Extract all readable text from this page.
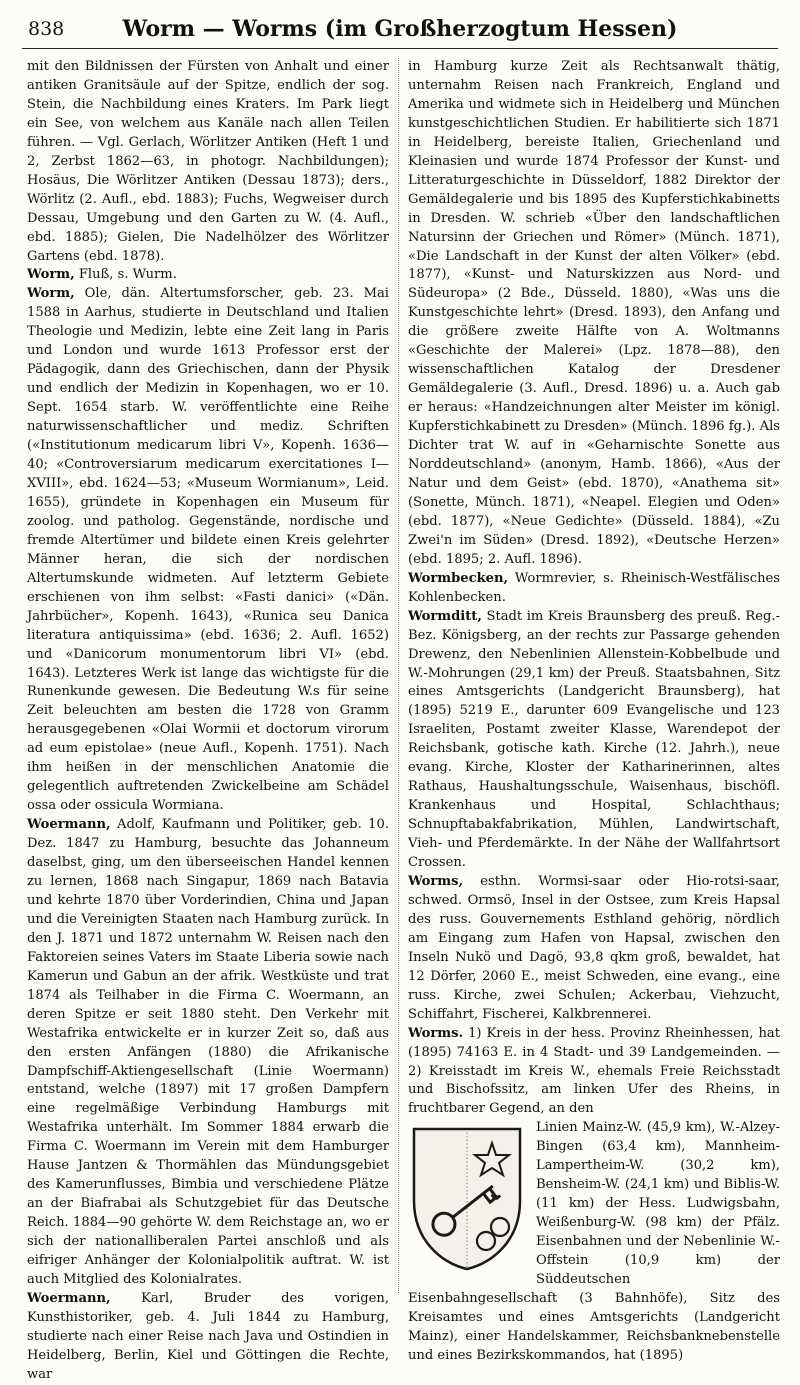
838	Worm — Worms (im Großherzogtum Hessen)

mit den Bildnissen der Fürsten von Anhalt und einer antiken Granitsäule auf der Spitze, endlich der sog. Stein, die Nachbildung eines Kraters. Im Park liegt ein See, von welchem aus Kanäle nach allen Teilen führen. — Vgl. Gerlach, Wörlitzer Antiken (Heft 1 und 2, Zerbst 1862—63, in photogr. Nachbildungen); Hosäus, Die Wörlitzer Antiken (Dessau 1873); ders., Wörlitz (2. Aufl., ebd. 1883); Fuchs, Wegweiser durch Dessau, Umgebung und den Garten zu W. (4. Aufl., ebd. 1885); Gielen, Die Nadelhölzer des Wörlitzer Gartens (ebd. 1878).

Worm, Fluß, s. Wurm.

Worm, Ole, dän. Altertumsforscher, geb. 23. Mai 1588 in Aarhus, studierte in Deutschland und Italien Theologie und Medizin, lebte eine Zeit lang in Paris und London und wurde 1613 Professor erst der Pädagogik, dann des Griechischen, dann der Physik und endlich der Medizin in Kopenhagen, wo er 10. Sept. 1654 starb. W. veröffentlichte eine Reihe naturwissenschaftlicher und mediz. Schriften («Institutionum medicarum libri V», Kopenh. 1636—40; «Controversiarum medicarum exercitationes I—XVIII», ebd. 1624—53; «Museum Wormianum», Leid. 1655), gründete in Kopenhagen ein Museum für zoolog. und patholog. Gegenstände, nordische und fremde Altertümer und bildete einen Kreis gelehrter Männer heran, die sich der nordischen Altertumskunde widmeten. Auf letzterm Gebiete erschienen von ihm selbst: «Fasti danici» («Dän. Jahrbücher», Kopenh. 1643), «Runica seu Danica literatura antiquissima» (ebd. 1636; 2. Aufl. 1652) und «Danicorum monumentorum libri VI» (ebd. 1643). Letzteres Werk ist lange das wichtigste für die Runenkunde gewesen. Die Bedeutung W.s für seine Zeit beleuchten am besten die 1728 von Gramm herausgegebenen «Olai Wormii et doctorum virorum ad eum epistolae» (neue Aufl., Kopenh. 1751). Nach ihm heißen in der menschlichen Anatomie die gelegentlich auftretenden Zwickelbeine am Schädel ossa oder ossicula Wormiana.

Woermann, Adolf, Kaufmann und Politiker, geb. 10. Dez. 1847 zu Hamburg, besuchte das Johanneum daselbst, ging, um den überseeischen Handel kennen zu lernen, 1868 nach Singapur, 1869 nach Batavia und kehrte 1870 über Vorderindien, China und Japan und die Vereinigten Staaten nach Hamburg zurück. In den J. 1871 und 1872 unternahm W. Reisen nach den Faktoreien seines Vaters im Staate Liberia sowie nach Kamerun und Gabun an der afrik. Westküste und trat 1874 als Teilhaber in die Firma C. Woermann, an deren Spitze er seit 1880 steht. Den Verkehr mit Westafrika entwickelte er in kurzer Zeit so, daß aus den ersten Anfängen (1880) die Afrikanische Dampfschiff-Aktiengesellschaft (Linie Woermann) entstand, welche (1897) mit 17 großen Dampfern eine regelmäßige Verbindung Hamburgs mit Westafrika unterhält. Im Sommer 1884 erwarb die Firma C. Woermann im Verein mit dem Hamburger Hause Jantzen & Thormählen das Mündungsgebiet des Kamerunflusses, Bimbia und verschiedene Plätze an der Biafrabai als Schutzgebiet für das Deutsche Reich. 1884—90 gehörte W. dem Reichstage an, wo er sich der nationalliberalen Partei anschloß und als eifriger Anhänger der Kolonialpolitik auftrat. W. ist auch Mitglied des Kolonialrates.

Woermann, Karl, Bruder des vorigen, Kunsthistoriker, geb. 4. Juli 1844 zu Hamburg, studierte nach einer Reise nach Java und Ostindien in Heidelberg, Berlin, Kiel und Göttingen die Rechte, war

in Hamburg kurze Zeit als Rechtsanwalt thätig, unternahm Reisen nach Frankreich, England und Amerika und widmete sich in Heidelberg und München kunstgeschichtlichen Studien. Er habilitierte sich 1871 in Heidelberg, bereiste Italien, Griechenland und Kleinasien und wurde 1874 Professor der Kunst- und Litteraturgeschichte in Düsseldorf, 1882 Direktor der Gemäldegalerie und bis 1895 des Kupferstichkabinetts in Dresden. W. schrieb «Über den landschaftlichen Natursinn der Griechen und Römer» (Münch. 1871), «Die Landschaft in der Kunst der alten Völker» (ebd. 1877), «Kunst- und Naturskizzen aus Nord- und Südeuropa» (2 Bde., Düsseld. 1880), «Was uns die Kunstgeschichte lehrt» (Dresd. 1893), den Anfang und die größere zweite Hälfte von A. Woltmanns «Geschichte der Malerei» (Lpz. 1878—88), den wissenschaftlichen Katalog der Dresdener Gemäldegalerie (3. Aufl., Dresd. 1896) u. a. Auch gab er heraus: «Handzeichnungen alter Meister im königl. Kupferstichkabinett zu Dresden» (Münch. 1896 fg.). Als Dichter trat W. auf in «Geharnischte Sonette aus Norddeutschland» (anonym, Hamb. 1866), «Aus der Natur und dem Geist» (ebd. 1870), «Anathema sit» (Sonette, Münch. 1871), «Neapel. Elegien und Oden» (ebd. 1877), «Neue Gedichte» (Düsseld. 1884), «Zu Zwei'n im Süden» (Dresd. 1892), «Deutsche Herzen» (ebd. 1895; 2. Aufl. 1896).

Wormbecken, Wormrevier, s. Rheinisch-Westfälisches Kohlenbecken.

Wormditt, Stadt im Kreis Braunsberg des preuß. Reg.-Bez. Königsberg, an der rechts zur Passarge gehenden Drewenz, den Nebenlinien Allenstein-Kobbelbude und W.-Mohrungen (29,1 km) der Preuß. Staatsbahnen, Sitz eines Amtsgerichts (Landgericht Braunsberg), hat (1895) 5219 E., darunter 609 Evangelische und 123 Israeliten, Postamt zweiter Klasse, Warendepot der Reichsbank, gotische kath. Kirche (12. Jahrh.), neue evang. Kirche, Kloster der Katharinerinnen, altes Rathaus, Haushaltungsschule, Waisenhaus, bischöfl. Krankenhaus und Hospital, Schlachthaus; Schnupftabakfabrikation, Mühlen, Landwirtschaft, Vieh- und Pferdemärkte. In der Nähe der Wallfahrtsort Crossen.

Worms, esthn. Wormsi-saar oder Hio-rotsi-saar, schwed. Ormsö, Insel in der Ostsee, zum Kreis Hapsal des russ. Gouvernements Esthland gehörig, nördlich am Eingang zum Hafen von Hapsal, zwischen den Inseln Nukö und Dagö, 93,8 qkm groß, bewaldet, hat 12 Dörfer, 2060 E., meist Schweden, eine evang., eine russ. Kirche, zwei Schulen; Ackerbau, Viehzucht, Schiffahrt, Fischerei, Kalkbrennerei.

Worms. 1) Kreis in der hess. Provinz Rheinhessen, hat (1895) 74163 E. in 4 Stadt- und 39 Landgemeinden. — 2) Kreisstadt im Kreis W., ehemals Freie Reichsstadt und Bischofssitz, am linken Ufer des Rheins, in fruchtbarer Gegend, an den

Linien Mainz-W. (45,9 km), W.-Alzey-Bingen (63,4 km), Mannheim-Lampertheim-W. (30,2 km), Bensheim-W. (24,1 km) und Biblis-W. (11 km) der Hess. Ludwigsbahn, Weißenburg-W. (98 km) der Pfälz. Eisenbahnen und der Nebenlinie W.-Offstein (10,9 km) der Süddeutschen Eisenbahngesellschaft (3 Bahnhöfe), Sitz des Kreisamtes und eines Amtsgerichts (Landgericht Mainz), einer Handelskammer, Reichsbanknebenstelle und eines Bezirkskommandos, hat (1895)
